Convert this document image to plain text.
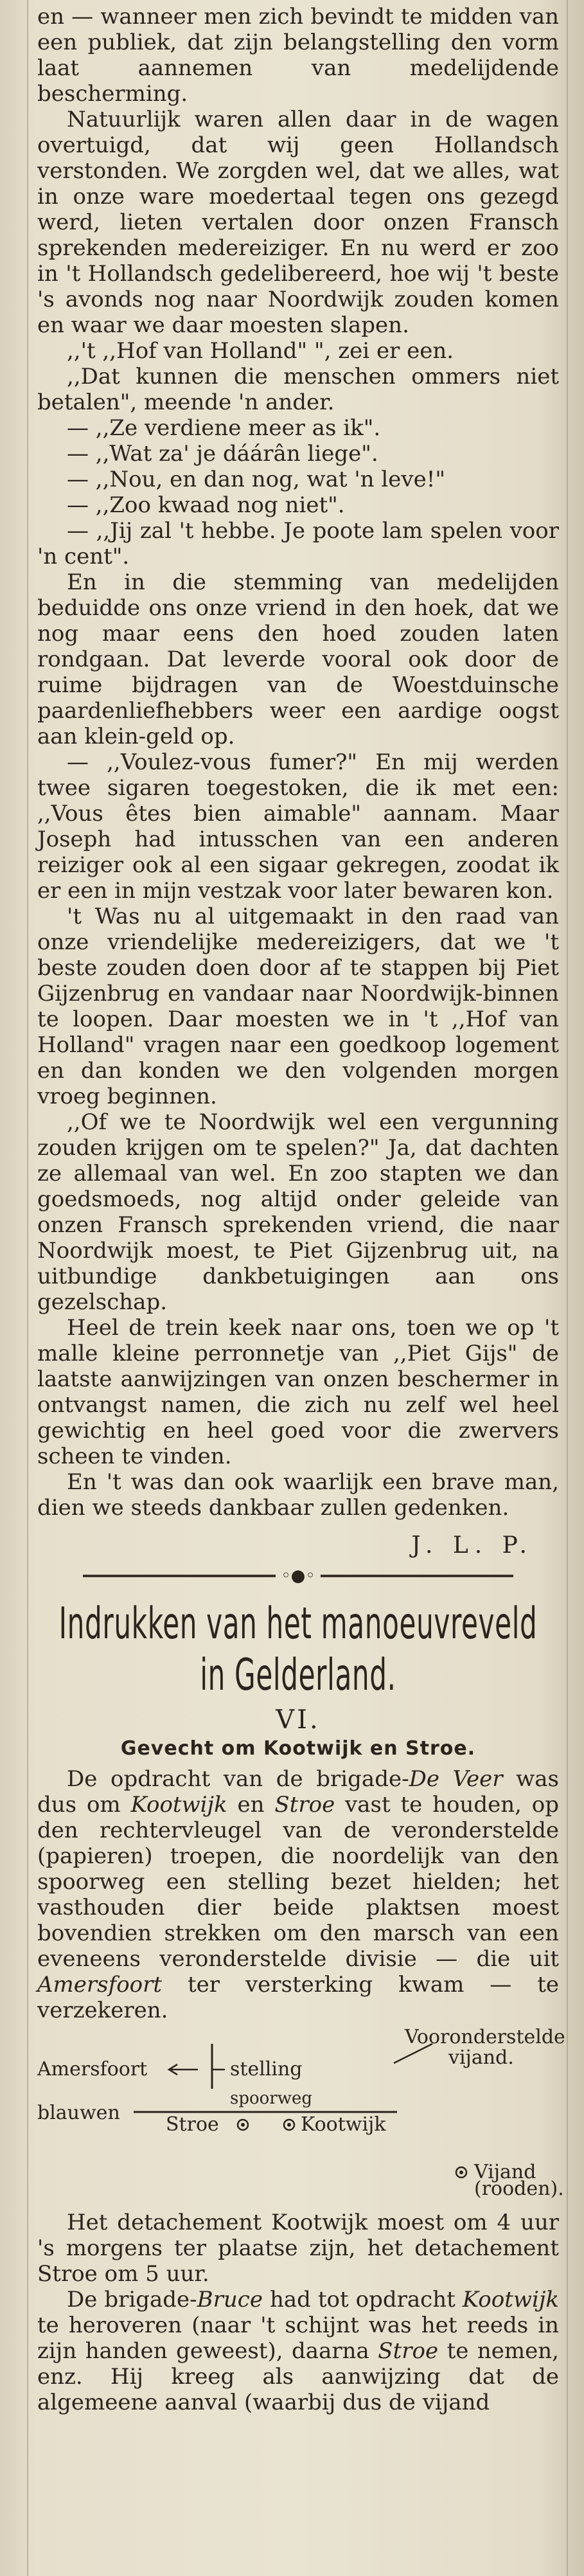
en — wanneer men zich bevindt te midden van een publiek, dat zijn belangstelling den vorm laat aannemen van medelijdende bescherming.

Natuurlijk waren allen daar in de wagen overtuigd, dat wij geen Hollandsch verstonden. We zorgden wel, dat we alles, wat in onze ware moedertaal tegen ons gezegd werd, lieten vertalen door onzen Fransch sprekenden medereiziger. En nu werd er zoo in 't Hollandsch gedelibereerd, hoe wij 't beste 's avonds nog naar Noordwijk zouden komen en waar we daar moesten slapen.

,,'t ,,Hof van Holland" ", zei er een.

,,Dat kunnen die menschen ommers niet betalen", meende 'n ander.

— ,,Ze verdiene meer as ik".

— ,,Wat za' je dáárân liege".

— ,,Nou, en dan nog, wat 'n leve!"

— ,,Zoo kwaad nog niet".

— ,,Jij zal 't hebbe. Je poote lam spelen voor 'n cent".

En in die stemming van medelijden beduidde ons onze vriend in den hoek, dat we nog maar eens den hoed zouden laten rondgaan. Dat leverde vooral ook door de ruime bijdragen van de Woestduinsche paardenliefhebbers weer een aardige oogst aan klein-geld op.

— ,,Voulez-vous fumer?" En mij werden twee sigaren toegestoken, die ik met een: ,,Vous êtes bien aimable" aannam. Maar Joseph had intusschen van een anderen reiziger ook al een sigaar gekregen, zoodat ik er een in mijn vestzak voor later bewaren kon.

't Was nu al uitgemaakt in den raad van onze vriendelijke medereizigers, dat we 't beste zouden doen door af te stappen bij Piet Gijzenbrug en vandaar naar Noordwijk-binnen te loopen. Daar moesten we in 't ,,Hof van Holland" vragen naar een goedkoop logement en dan konden we den volgenden morgen vroeg beginnen.

,,Of we te Noordwijk wel een vergunning zouden krijgen om te spelen?" Ja, dat dachten ze allemaal van wel. En zoo stapten we dan goedsmoeds, nog altijd onder geleide van onzen Fransch sprekenden vriend, die naar Noordwijk moest, te Piet Gijzenbrug uit, na uitbundige dankbetuigingen aan ons gezelschap.

Heel de trein keek naar ons, toen we op 't malle kleine perronnetje van ,,Piet Gijs" de laatste aanwijzingen van onzen beschermer in ontvangst namen, die zich nu zelf wel heel gewichtig en heel goed voor die zwervers scheen te vinden.

En 't was dan ook waarlijk een brave man, dien we steeds dankbaar zullen gedenken.

J. L. P.
◦●◦
Indrukken van het manoeuvreveld
in Gelderland.
VI.
Gevecht om Kootwijk en Stroe.

De opdracht van de brigade-De Veer was dus om Kootwijk en Stroe vast te houden, op den rechtervleugel van de veronderstelde (papieren) troepen, die noordelijk van den spoorweg een stelling bezet hielden; het vasthouden dier beide plaktsen moest bovendien strekken om den marsch van een eveneens verondersteldе divisie — die uit Amersfoort ter versterking kwam — te verzekeren.

Vooronderstelde
vijand.
Amersfoort	stelling
spoorweg
blauwen
Stroe	Kootwijk
Vijand
(rooden).

Het detachement Kootwijk moest om 4 uur 's morgens ter plaatse zijn, het detachement Stroe om 5 uur.

De brigade-Bruce had tot opdracht Kootwijk te heroveren (naar 't schijnt was het reeds in zijn handen geweest), daarna Stroe te nemen, enz. Hij kreeg als aanwijzing dat de algemeene aanval (waarbij dus de vijand
